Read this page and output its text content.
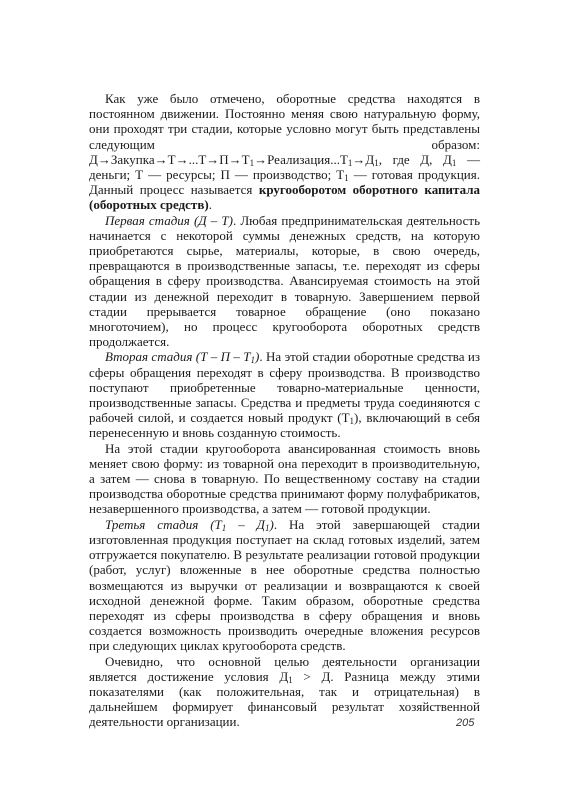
Как уже было отмечено, оборотные средства находятся в постоянном движении. Постоянно меняя свою натуральную форму, они проходят три стадии, которые условно могут быть представлены следующим образом: $Д\to Закупка\to Т\to...Т\to П\to Т_1\to Реализация...Т_1\to Д_1$, где Д, $Д_1$ — деньги; Т — ресурсы; П — производство; $Т_1$ — готовая продукция. Данный процесс называется кругооборотом оборотного капитала (оборотных средств).

Первая стадия (Д – Т). Любая предпринимательская деятельность начинается с некоторой суммы денежных средств, на которую приобретаются сырье, материалы, которые, в свою очередь, превращаются в производственные запасы, т.е. переходят из сферы обращения в сферу производства. Авансируемая стоимость на этой стадии из денежной переходит в товарную. Завершением первой стадии прерывается товарное обращение (оно показано многоточием), но процесс кругооборота оборотных средств продолжается.

Вторая стадия (Т – П – $Т_1$). На этой стадии оборотные средства из сферы обращения переходят в сферу производства. В производство поступают приобретенные товарно-материальные ценности, производственные запасы. Средства и предметы труда соединяются с рабочей силой, и создается новый продукт $(Т_1)$, включающий в себя перенесенную и вновь созданную стоимость.

На этой стадии кругооборота авансированная стоимость вновь меняет свою форму: из товарной она переходит в производительную, а затем — снова в товарную. По вещественному составу на стадии производства оборотные средства принимают форму полуфабрикатов, незавершенного производства, а затем — готовой продукции.

Третья стадия $(Т_1 - Д_1)$. На этой завершающей стадии изготовленная продукция поступает на склад готовых изделий, затем отгружается покупателю. В результате реализации готовой продукции (работ, услуг) вложенные в нее оборотные средства полностью возмещаются из выручки от реализации и возвращаются к своей исходной денежной форме. Таким образом, оборотные средства переходят из сферы производства в сферу обращения и вновь создается возможность производить очередные вложения ресурсов при следующих циклах кругооборота средств.

Очевидно, что основной целью деятельности организации является достижение условия $Д_1 > Д$. Разница между этими показателями (как положительная, так и отрицательная) в дальнейшем формирует финансовый результат хозяйственной деятельности организации.	205
